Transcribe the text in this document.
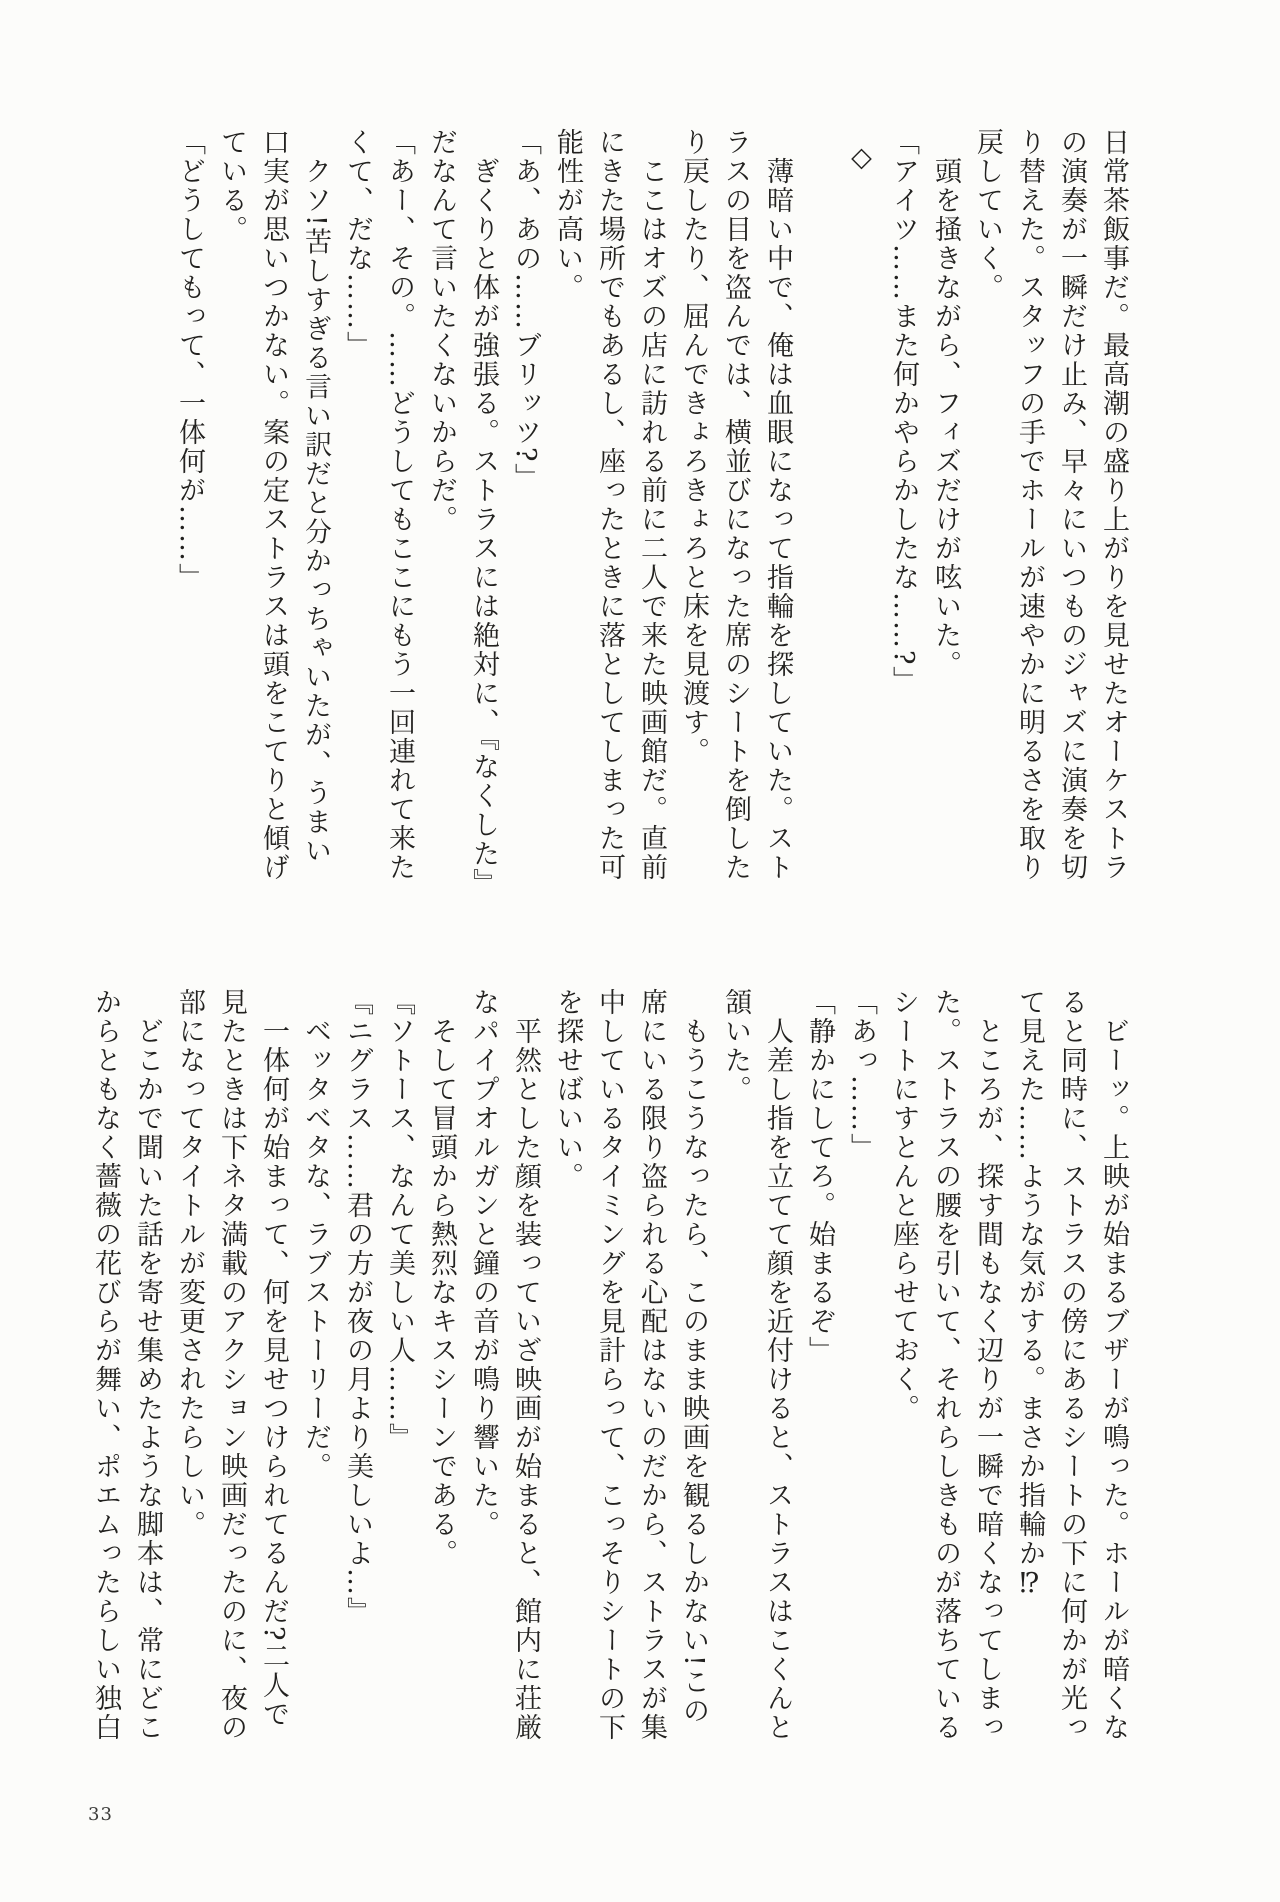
日常茶飯事だ。最高潮の盛り上がりを見せたオーケストラ

の演奏が一瞬だけ止み、早々にいつものジャズに演奏を切

り替えた。スタッフの手でホールが速やかに明るさを取り

戻していく。

頭を掻きながら、フィズだけが呟いた。

「アイツ……また何かやらかしたな……?」

◇

薄暗い中で、俺は血眼になって指輪を探していた。スト

ラスの目を盗んでは、横並びになった席のシートを倒した

り戻したり、屈んできょろきょろと床を見渡す。

ここはオズの店に訪れる前に二人で来た映画館だ。直前

にきた場所でもあるし、座ったときに落としてしまった可

能性が高い。

「あ、あの……ブリッツ?」

ぎくりと体が強張る。ストラスには絶対に、『なくした』

だなんて言いたくないからだ。

「あー、その。……どうしてもここにもう一回連れて来た

くて、だな……」

クソ!苦しすぎる言い訳だと分かっちゃいたが、うまい

口実が思いつかない。案の定ストラスは頭をこてりと傾げ

ている。

「どうしてもって、一体何が……」

ビーッ。上映が始まるブザーが鳴った。ホールが暗くな

ると同時に、ストラスの傍にあるシートの下に何かが光っ

て見えた……ような気がする。まさか指輪か⁉

ところが、探す間もなく辺りが一瞬で暗くなってしまっ

た。ストラスの腰を引いて、それらしきものが落ちている

シートにすとんと座らせておく。

「あっ……」

「静かにしてろ。始まるぞ」

人差し指を立てて顔を近付けると、ストラスはこくんと

頷いた。

もうこうなったら、このまま映画を観るしかない!この

席にいる限り盗られる心配はないのだから、ストラスが集

中しているタイミングを見計らって、こっそりシートの下

を探せばいい。

平然とした顔を装っていざ映画が始まると、館内に荘厳

なパイプオルガンと鐘の音が鳴り響いた。

そして冒頭から熱烈なキスシーンである。

『ソトース、なんて美しい人……』

『ニグラス……君の方が夜の月より美しいよ…』

ベッタベタな、ラブストーリーだ。

一体何が始まって、何を見せつけられてるんだ?二人で

見たときは下ネタ満載のアクション映画だったのに、夜の

部になってタイトルが変更されたらしい。

どこかで聞いた話を寄せ集めたような脚本は、常にどこ

からともなく薔薇の花びらが舞い、ポエムったらしい独白

33
